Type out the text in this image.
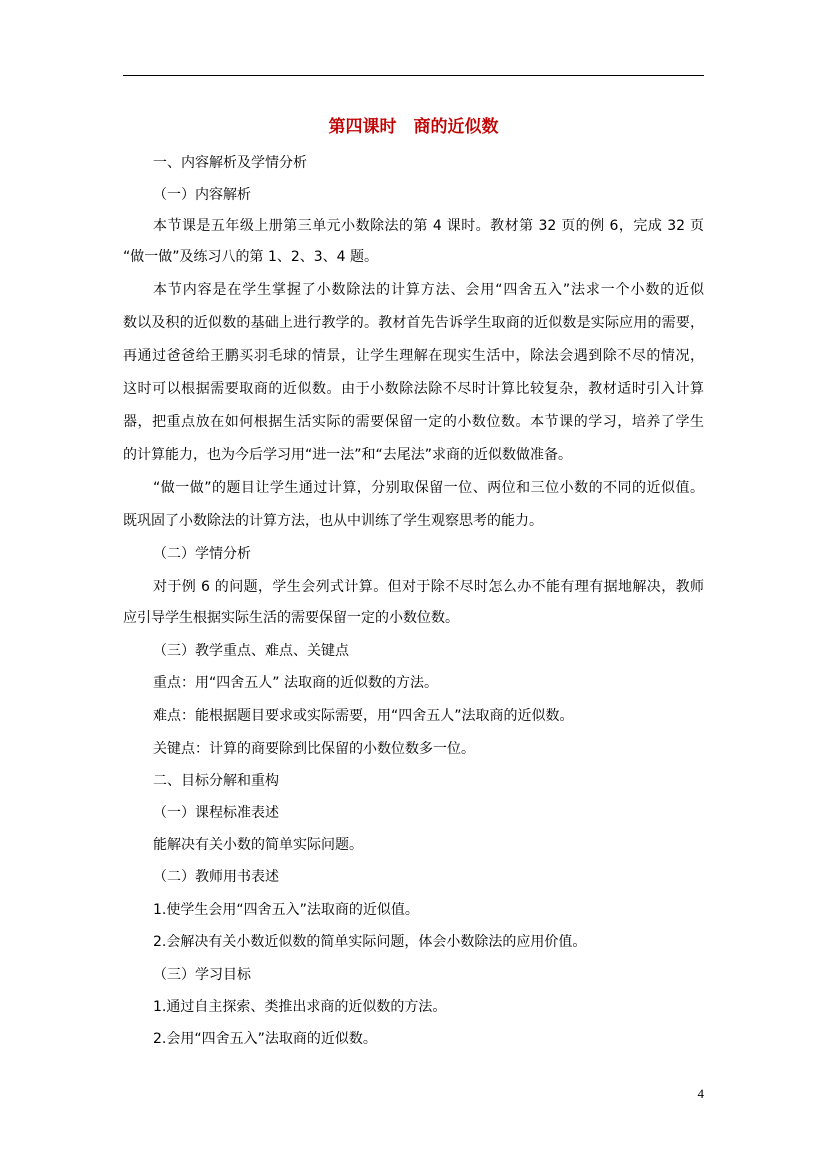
第四课时　商的近似数
一、内容解析及学情分析
（一）内容解析
本节课是五年级上册第三单元小数除法的第 4 课时。教材第 32 页的例 6，完成 32 页
“做一做”及练习八的第 1、2、3、4 题。
本节内容是在学生掌握了小数除法的计算方法、会用“四舍五入”法求一个小数的近似
数以及积的近似数的基础上进行教学的。教材首先告诉学生取商的近似数是实际应用的需要，
再通过爸爸给王鹏买羽毛球的情景，让学生理解在现实生活中，除法会遇到除不尽的情况，
这时可以根据需要取商的近似数。由于小数除法除不尽时计算比较复杂，教材适时引入计算
器，把重点放在如何根据生活实际的需要保留一定的小数位数。本节课的学习，培养了学生
的计算能力，也为今后学习用“进一法”和“去尾法”求商的近似数做准备。
“做一做”的题目让学生通过计算，分别取保留一位、两位和三位小数的不同的近似值。
既巩固了小数除法的计算方法，也从中训练了学生观察思考的能力。
（二）学情分析
对于例 6 的问题，学生会列式计算。但对于除不尽时怎么办不能有理有据地解决，教师
应引导学生根据实际生活的需要保留一定的小数位数。
（三）教学重点、难点、关键点
重点：用“四舍五人” 法取商的近似数的方法。
难点：能根据题目要求或实际需要，用“四舍五人”法取商的近似数。
关键点：计算的商要除到比保留的小数位数多一位。
二、目标分解和重构
（一）课程标准表述
能解决有关小数的简单实际问题。
（二）教师用书表述
1.使学生会用“四舍五入”法取商的近似值。
2.会解决有关小数近似数的简单实际问题，体会小数除法的应用价值。
（三）学习目标
1.通过自主探索、类推出求商的近似数的方法。
2.会用“四舍五入”法取商的近似数。
4
